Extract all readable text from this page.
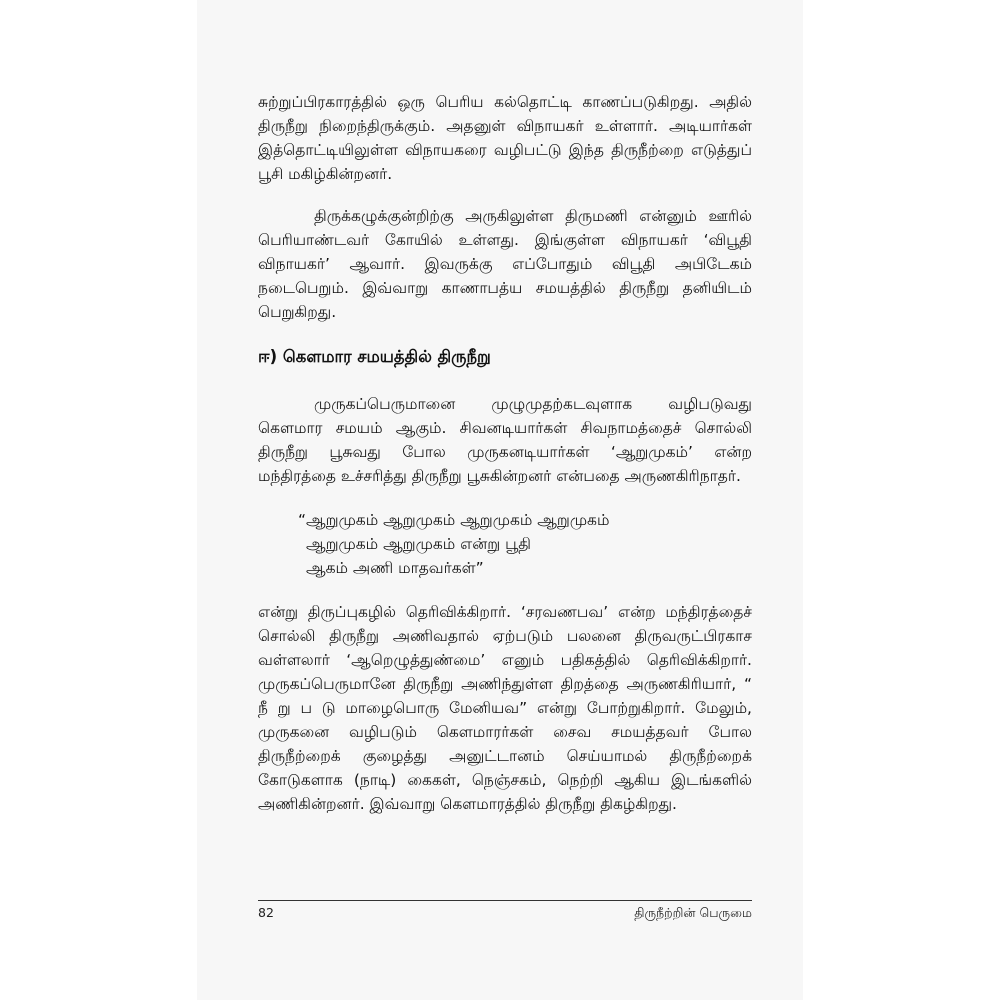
சுற்றுப்பிரகாரத்தில் ஒரு பெரிய கல்தொட்டி காணப்படுகிறது. அதில் திருநீறு நிறைந்திருக்கும். அதனுள் விநாயகர் உள்ளார். அடியார்கள் இத்தொட்டியிலுள்ள விநாயகரை வழிபட்டு இந்த திருநீற்றை எடுத்துப் பூசி மகிழ்கின்றனர்.

திருக்கழுக்குன்றிற்கு அருகிலுள்ள திருமணி என்னும் ஊரில் பெரியாண்டவர் கோயில் உள்ளது. இங்குள்ள விநாயகர் ‘விபூதி விநாயகர்’ ஆவார். இவருக்கு எப்போதும் விபூதி அபிடேகம் நடைபெறும். இவ்வாறு காணாபத்ய சமயத்தில் திருநீறு தனியிடம் பெறுகிறது.

ஈ) கௌமார சமயத்தில் திருநீறு

முருகப்பெருமானை முழுமுதற்கடவுளாக வழிபடுவது கௌமார சமயம் ஆகும். சிவனடியார்கள் சிவநாமத்தைச் சொல்லி திருநீறு பூசுவது போல முருகனடியார்கள் ‘ஆறுமுகம்’ என்ற மந்திரத்தை உச்சரித்து திருநீறு பூசுகின்றனர் என்பதை அருணகிரிநாதர்.

“ஆறுமுகம் ஆறுமுகம் ஆறுமுகம் ஆறுமுகம்
ஆறுமுகம் ஆறுமுகம் என்று பூதி
ஆகம் அணி மாதவர்கள்”

என்று திருப்புகழில் தெரிவிக்கிறார். ‘சரவணபவ’ என்ற மந்திரத்தைச் சொல்லி திருநீறு அணிவதால் ஏற்படும் பலனை திருவருட்பிரகாச வள்ளலார் ‘ஆறெழுத்துண்மை’ எனும் பதிகத்தில் தெரிவிக்கிறார். முருகப்பெருமானே திருநீறு அணிந்துள்ள திறத்தை அருணகிரியார், “ நீ று ப டு மாழைபொரு மேனியவ” என்று போற்றுகிறார். மேலும், முருகனை வழிபடும் கௌமாரர்கள் சைவ சமயத்தவர் போல திருநீற்றைக் குழைத்து அனுட்டானம் செய்யாமல் திருநீற்றைக் கோடுகளாக (நாடி) கைகள், நெஞ்சகம், நெற்றி ஆகிய இடங்களில் அணிகின்றனர். இவ்வாறு கௌமாரத்தில் திருநீறு திகழ்கிறது.

82	திருநீற்றின் பெருமை
